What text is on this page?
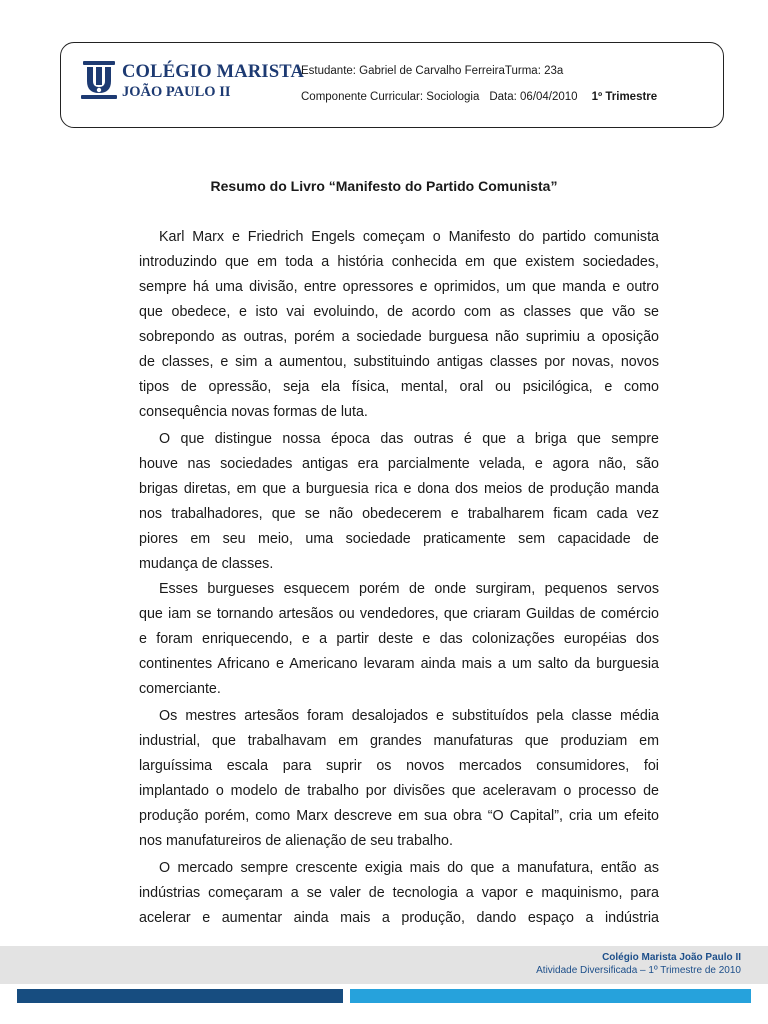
COLÉGIO MARISTA
JOÃO PAULO II
Estudante: Gabriel de Carvalho FerreiraTurma: 23a
Componente Curricular: Sociologia Data: 06/04/2010 1º Trimestre
Resumo do Livro “Manifesto do Partido Comunista”
Karl Marx e Friedrich Engels começam o Manifesto do partido comunista
introduzindo que em toda a história conhecida em que existem sociedades,
sempre há uma divisão, entre opressores e oprimidos, um que manda e outro
que obedece, e isto vai evoluindo, de acordo com as classes que vão se
sobrepondo as outras, porém a sociedade burguesa não suprimiu a oposição
de classes, e sim a aumentou, substituindo antigas classes por novas, novos
tipos de opressão, seja ela física, mental, oral ou psicilógica, e como
consequência novas formas de luta.
O que distingue nossa época das outras é que a briga que sempre
houve nas sociedades antigas era parcialmente velada, e agora não, são
brigas diretas, em que a burguesia rica e dona dos meios de produção manda
nos trabalhadores, que se não obedecerem e trabalharem ficam cada vez
piores em seu meio, uma sociedade praticamente sem capacidade de
mudança de classes.
Esses burgueses esquecem porém de onde surgiram, pequenos servos
que iam se tornando artesãos ou vendedores, que criaram Guildas de comércio
e foram enriquecendo, e a partir deste e das colonizações européias dos
continentes Africano e Americano levaram ainda mais a um salto da burguesia
comerciante.
Os mestres artesãos foram desalojados e substituídos pela classe média
industrial, que trabalhavam em grandes manufaturas que produziam em
larguíssima escala para suprir os novos mercados consumidores, foi
implantado o modelo de trabalho por divisões que aceleravam o processo de
produção porém, como Marx descreve em sua obra “O Capital”, cria um efeito
nos manufatureiros de alienação de seu trabalho.
O mercado sempre crescente exigia mais do que a manufatura, então as
indústrias começaram a se valer de tecnologia a vapor e maquinismo, para
acelerar e aumentar ainda mais a produção, dando espaço a indústria
Colégio Marista João Paulo II
Atividade Diversificada – 1º Trimestre de 2010
